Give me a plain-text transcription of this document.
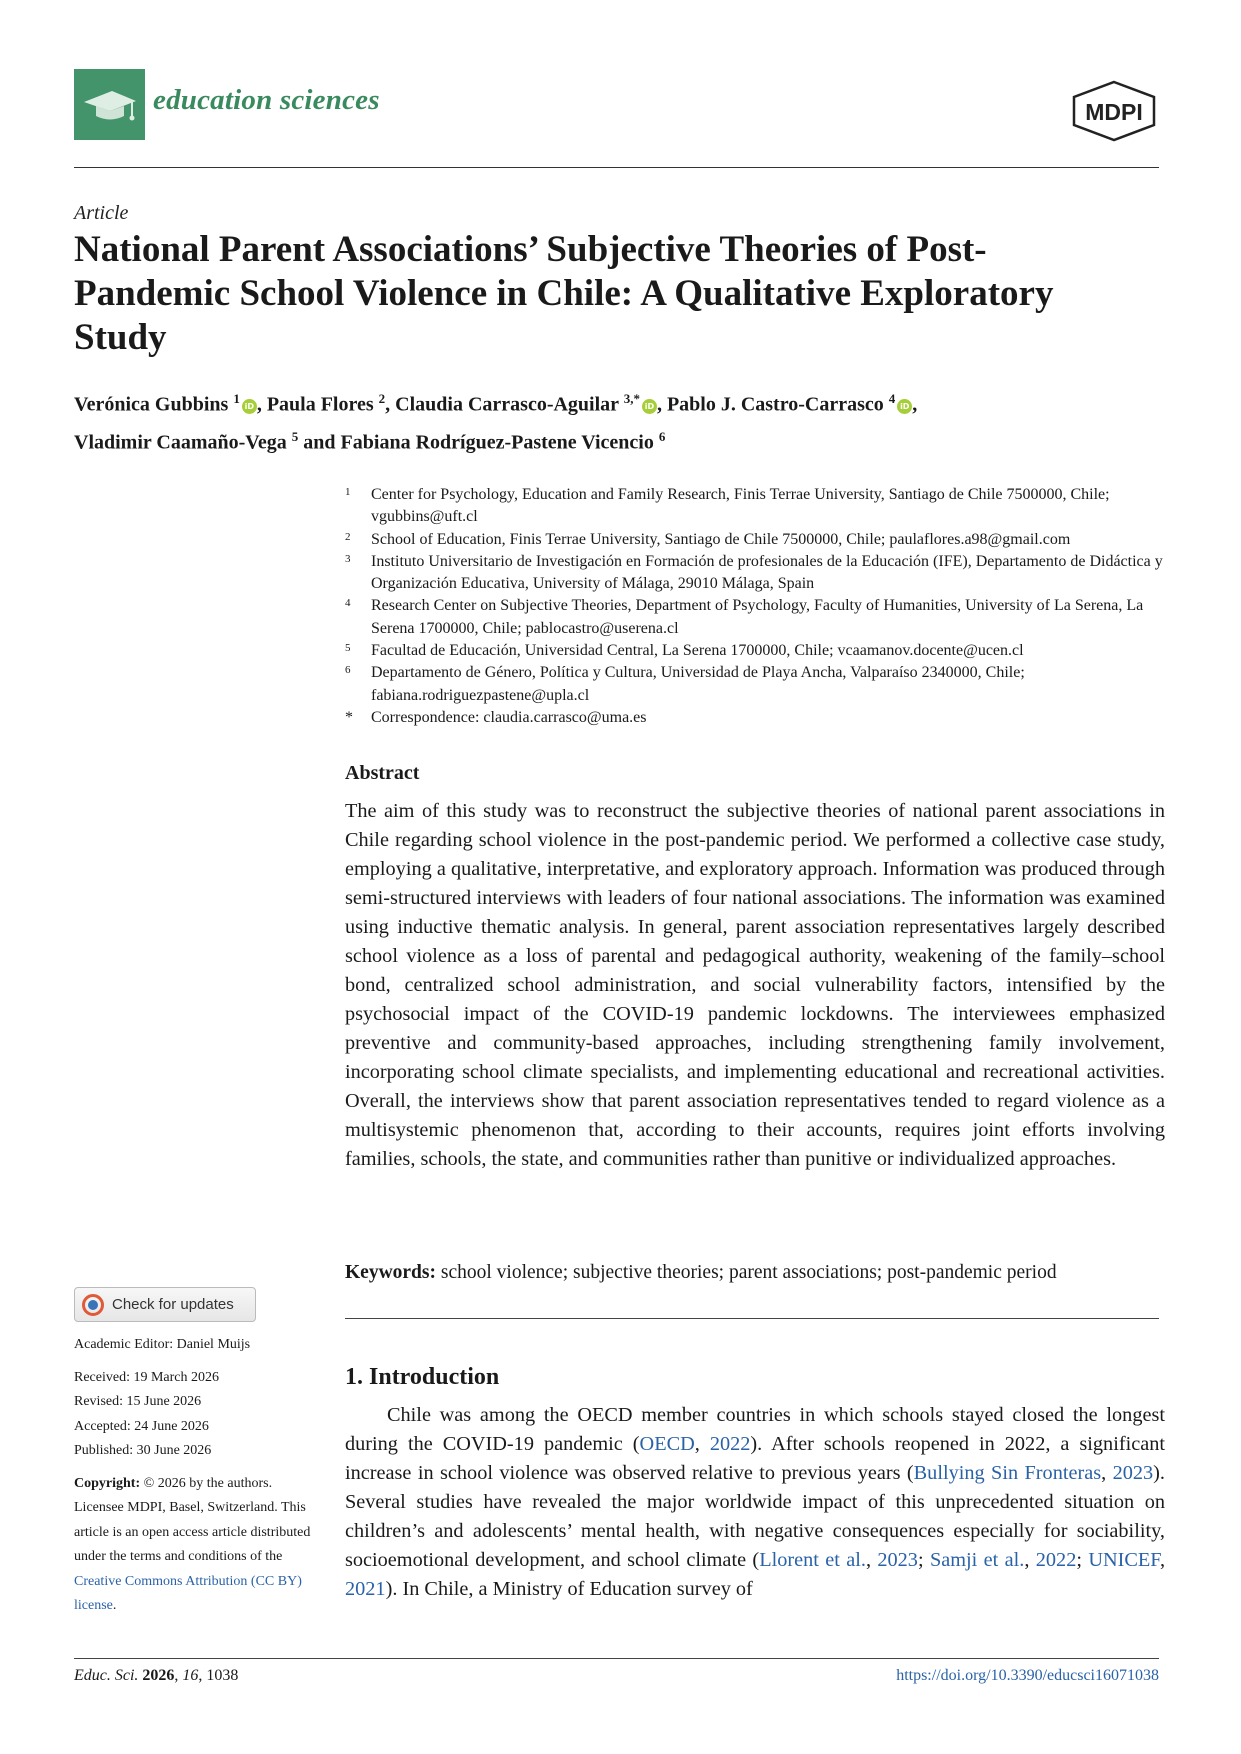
education sciences	MDPI
Article
National Parent Associations’ Subjective Theories of Post-Pandemic School Violence in Chile: A Qualitative Exploratory Study
Verónica Gubbins $^1$iD , Paula Flores $^2$, Claudia Carrasco-Aguilar $^{3,*}$iD , Pablo J. Castro-Carrasco $^4$iD ,
Vladimir Caamaño-Vega $^5$ and Fabiana Rodríguez-Pastene Vicencio $^6$
1	Center for Psychology, Education and Family Research, Finis Terrae University, Santiago de Chile 7500000, Chile; vgubbins@uft.cl
2	School of Education, Finis Terrae University, Santiago de Chile 7500000, Chile; paulaflores.a98@gmail.com
3	Instituto Universitario de Investigación en Formación de profesionales de la Educación (IFE), Departamento de Didáctica y Organización Educativa, University of Málaga, 29010 Málaga, Spain
4	Research Center on Subjective Theories, Department of Psychology, Faculty of Humanities, University of La Serena, La Serena 1700000, Chile; pablocastro@userena.cl
5	Facultad de Educación, Universidad Central, La Serena 1700000, Chile; vcaamanov.docente@ucen.cl
6	Departamento de Género, Política y Cultura, Universidad de Playa Ancha, Valparaíso 2340000, Chile; fabiana.rodriguezpastene@upla.cl
*	Correspondence: claudia.carrasco@uma.es
Abstract
The aim of this study was to reconstruct the subjective theories of national parent associations in Chile regarding school violence in the post-pandemic period. We performed a collective case study, employing a qualitative, interpretative, and exploratory approach. Information was produced through semi-structured interviews with leaders of four national associations. The information was examined using inductive thematic analysis. In general, parent association representatives largely described school violence as a loss of parental and pedagogical authority, weakening of the family–school bond, centralized school administration, and social vulnerability factors, intensified by the psychosocial impact of the COVID-19 pandemic lockdowns. The interviewees emphasized preventive and community-based approaches, including strengthening family involvement, incorporating school climate specialists, and implementing educational and recreational activities. Overall, the interviews show that parent association representatives tended to regard violence as a multisystemic phenomenon that, according to their accounts, requires joint efforts involving families, schools, the state, and communities rather than punitive or individualized approaches.
Keywords: school violence; subjective theories; parent associations; post-pandemic period
1. Introduction
Chile was among the OECD member countries in which schools stayed closed the longest during the COVID-19 pandemic (OECD, 2022). After schools reopened in 2022, a significant increase in school violence was observed relative to previous years (Bullying Sin Fronteras, 2023). Several studies have revealed the major worldwide impact of this unprecedented situation on children’s and adolescents’ mental health, with negative consequences especially for sociability, socioemotional development, and school climate (Llorent et al., 2023; Samji et al., 2022; UNICEF, 2021). In Chile, a Ministry of Education survey of
Check for updates
Academic Editor: Daniel Muijs
Received: 19 March 2026
Revised: 15 June 2026
Accepted: 24 June 2026
Published: 30 June 2026
Copyright: © 2026 by the authors. Licensee MDPI, Basel, Switzerland. This article is an open access article distributed under the terms and conditions of the Creative Commons Attribution (CC BY) license.
Educ. Sci. 2026, 16, 1038	https://doi.org/10.3390/educsci16071038
